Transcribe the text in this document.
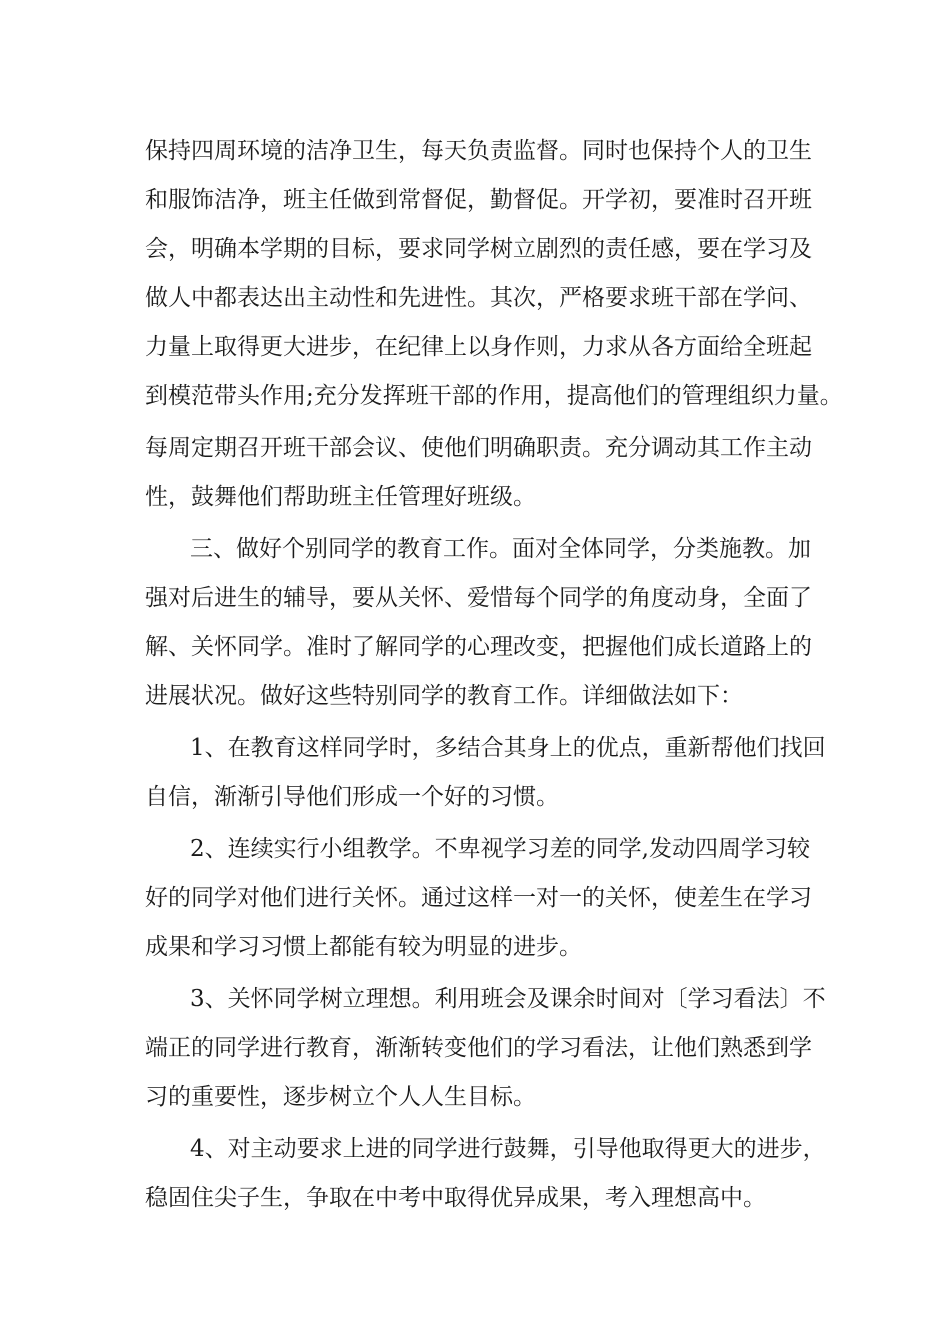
保持四周环境的洁净卫生，每天负责监督。同时也保持个人的卫生
和服饰洁净，班主任做到常督促，勤督促。开学初，要准时召开班
会，明确本学期的目标，要求同学树立剧烈的责任感，要在学习及
做人中都表达出主动性和先进性。其次，严格要求班干部在学问、
力量上取得更大进步，在纪律上以身作则，力求从各方面给全班起
到模范带头作用;充分发挥班干部的作用，提高他们的管理组织力量。
每周定期召开班干部会议、使他们明确职责。充分调动其工作主动
性，鼓舞他们帮助班主任管理好班级。
三、做好个别同学的教育工作。面对全体同学，分类施教。加
强对后进生的辅导，要从关怀、爱惜每个同学的角度动身，全面了
解、关怀同学。准时了解同学的心理改变，把握他们成长道路上的
进展状况。做好这些特别同学的教育工作。详细做法如下：
1、在教育这样同学时，多结合其身上的优点，重新帮他们找回
自信，渐渐引导他们形成一个好的习惯。
2、连续实行小组教学。不卑视学习差的同学,发动四周学习较
好的同学对他们进行关怀。通过这样一对一的关怀，使差生在学习
成果和学习习惯上都能有较为明显的进步。
3、关怀同学树立理想。利用班会及课余时间对〔学习看法〕不
端正的同学进行教育，渐渐转变他们的学习看法，让他们熟悉到学
习的重要性，逐步树立个人人生目标。
4、对主动要求上进的同学进行鼓舞，引导他取得更大的进步，
稳固住尖子生，争取在中考中取得优异成果，考入理想高中。
